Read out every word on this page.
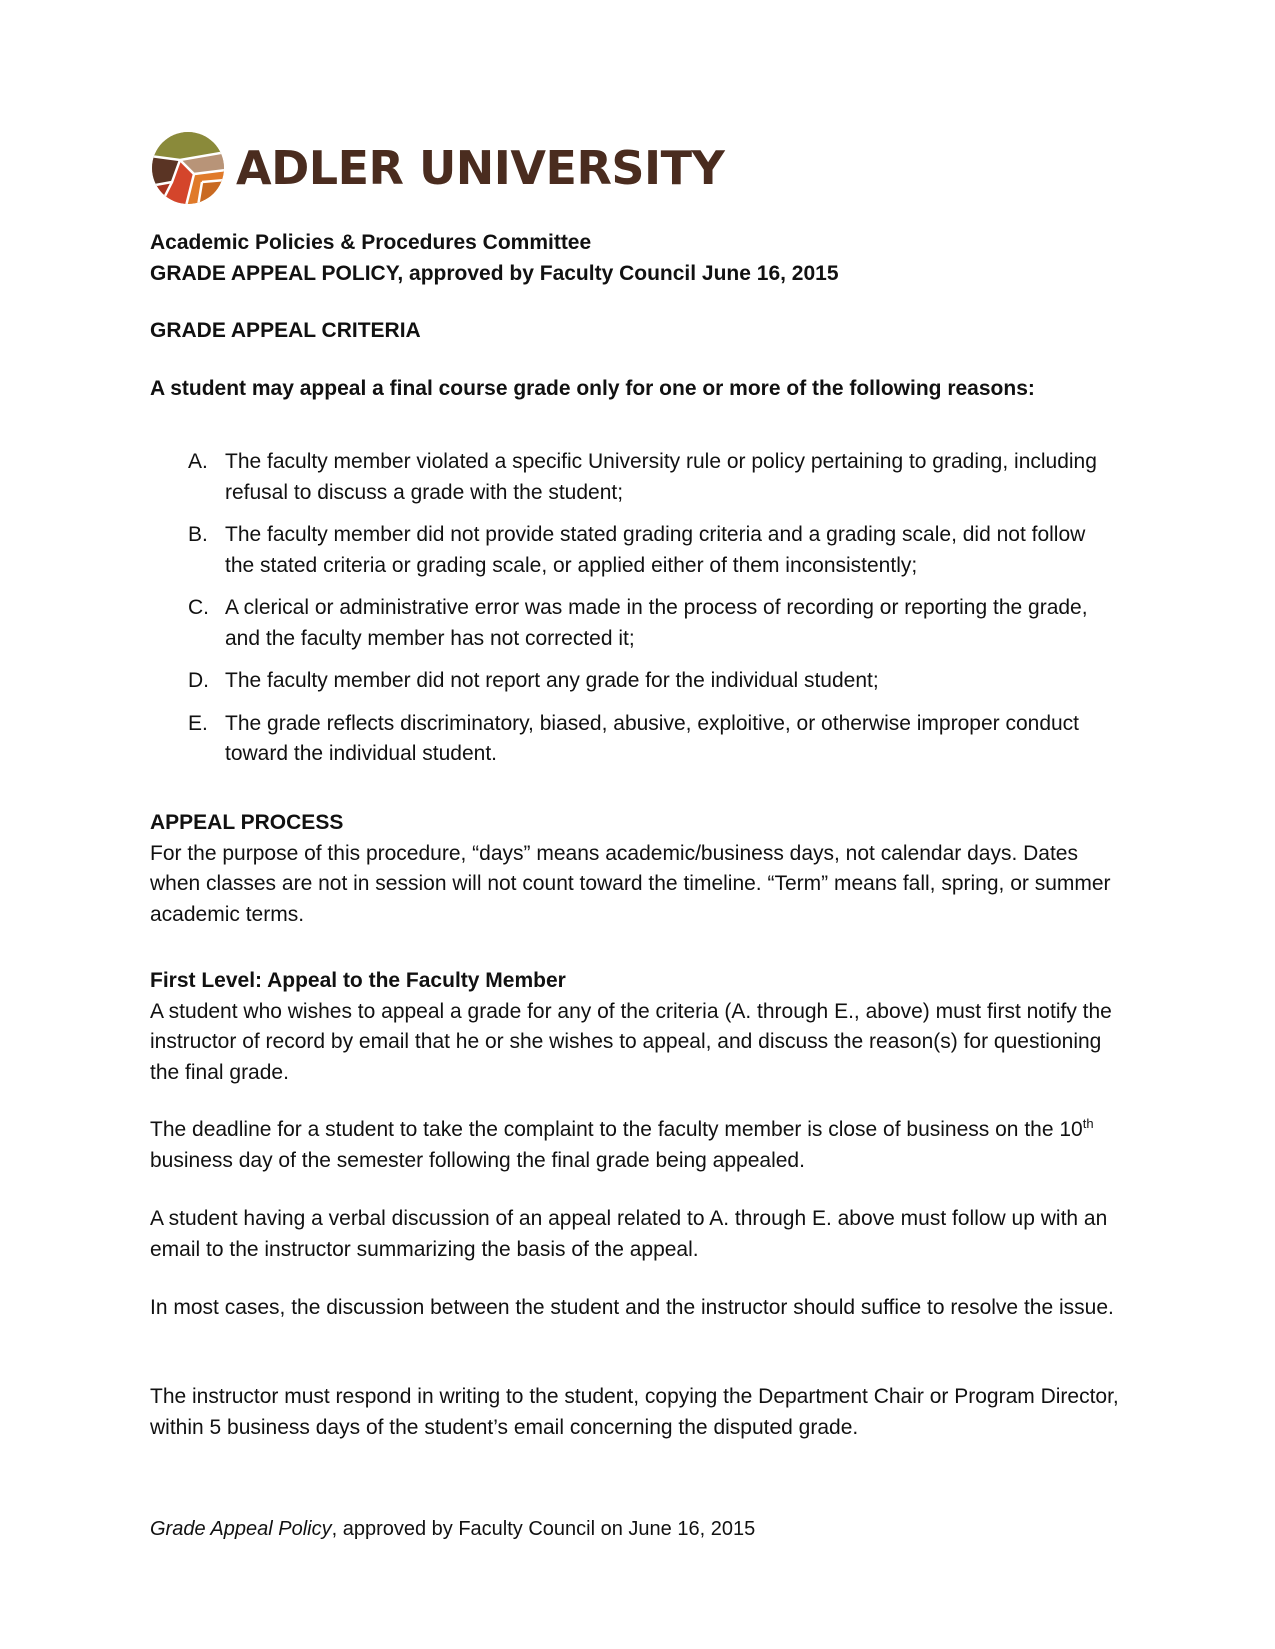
ADLER UNIVERSITY
Academic Policies & Procedures Committee
GRADE APPEAL POLICY, approved by Faculty Council June 16, 2015
GRADE APPEAL CRITERIA
A student may appeal a final course grade only for one or more of the following reasons:
A. The faculty member violated a specific University rule or policy pertaining to grading, including refusal to discuss a grade with the student;
B. The faculty member did not provide stated grading criteria and a grading scale, did not follow the stated criteria or grading scale, or applied either of them inconsistently;
C. A clerical or administrative error was made in the process of recording or reporting the grade, and the faculty member has not corrected it;
D. The faculty member did not report any grade for the individual student;
E. The grade reflects discriminatory, biased, abusive, exploitive, or otherwise improper conduct toward the individual student.
APPEAL PROCESS
For the purpose of this procedure, “days” means academic/business days, not calendar days. Dates when classes are not in session will not count toward the timeline. “Term” means fall, spring, or summer academic terms.
First Level: Appeal to the Faculty Member
A student who wishes to appeal a grade for any of the criteria (A. through E., above) must first notify the instructor of record by email that he or she wishes to appeal, and discuss the reason(s) for questioning the final grade.
The deadline for a student to take the complaint to the faculty member is close of business on the 10th business day of the semester following the final grade being appealed.
A student having a verbal discussion of an appeal related to A. through E. above must follow up with an email to the instructor summarizing the basis of the appeal.
In most cases, the discussion between the student and the instructor should suffice to resolve the issue.
The instructor must respond in writing to the student, copying the Department Chair or Program Director, within 5 business days of the student’s email concerning the disputed grade.
Grade Appeal Policy, approved by Faculty Council on June 16, 2015
